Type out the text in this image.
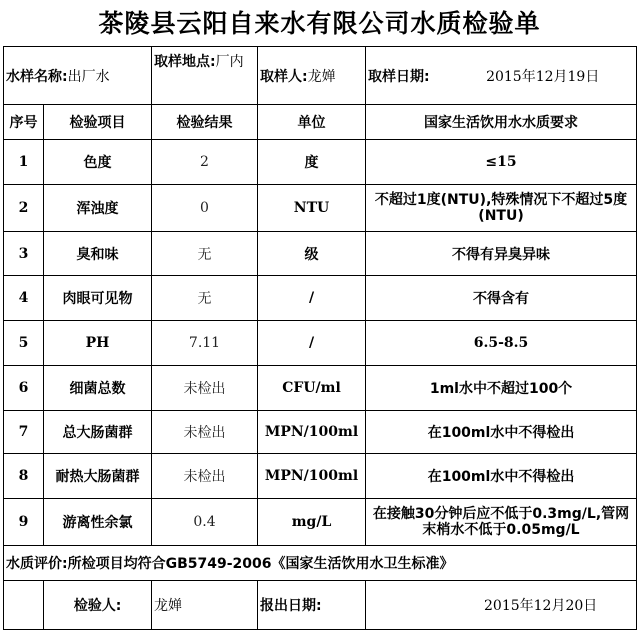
茶陵县云阳自来水有限公司水质检验单
水样名称:出厂水		取样地点:厂内	取样人:龙婵	取样日期: 2015年12月19日
序号	检验项目	检验结果	单位	国家生活饮用水水质要求
1	色度	2	度	≤15
2	浑浊度	0	NTU	不超过1度(NTU),特殊情况下不超过5度(NTU)
3	臭和味	无	级	不得有异臭异味
4	肉眼可见物	无	/	不得含有
5	PH	7.11	/	6.5-8.5
6	细菌总数	未检出	CFU/ml	1ml水中不超过100个
7	总大肠菌群	未检出	MPN/100ml	在100ml水中不得检出
8	耐热大肠菌群	未检出	MPN/100ml	在100ml水中不得检出
9	游离性余氯	0.4	mg/L	在接触30分钟后应不低于0.3mg/L,管网末梢水不低于0.05mg/L
水质评价:所检项目均符合GB5749-2006《国家生活饮用水卫生标准》				
	检验人:	龙婵	报出日期:	2015年12月20日
